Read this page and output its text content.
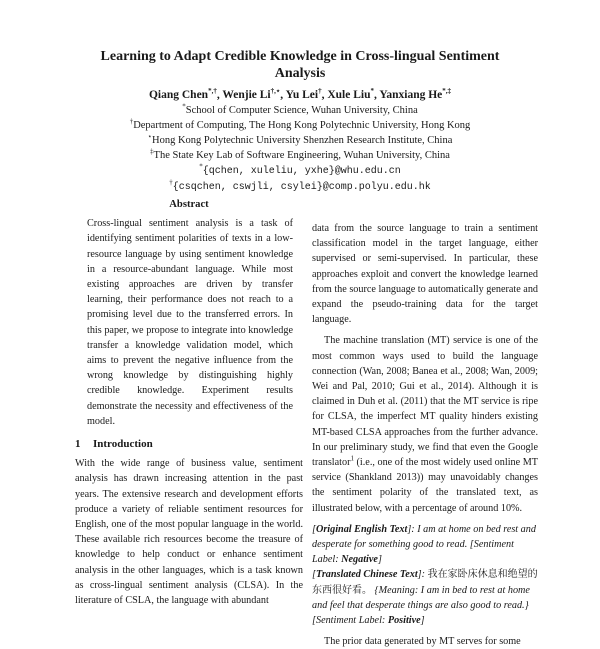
Learning to Adapt Credible Knowledge in Cross-lingual Sentiment
Analysis
Qiang Chen*,†, Wenjie Li†,⋆, Yu Lei†, Xule Liu*, Yanxiang He*,‡
*School of Computer Science, Wuhan University, China
†Department of Computing, The Hong Kong Polytechnic University, Hong Kong
⋆Hong Kong Polytechnic University Shenzhen Research Institute, China
‡The State Key Lab of Software Engineering, Wuhan University, China
*{qchen, xuleliu, yxhe}@whu.edu.cn
†{csqchen, cswjli, csylei}@comp.polyu.edu.hk
Abstract

Cross-lingual sentiment analysis is a task of identifying sentiment polarities of texts in a low-resource language by using sentiment knowledge in a resource-abundant language. While most existing approaches are driven by transfer learning, their performance does not reach to a promising level due to the transferred errors. In this paper, we propose to integrate into knowledge transfer a knowledge validation model, which aims to prevent the negative influence from the wrong knowledge by distinguishing highly credible knowledge. Experiment results demonstrate the necessity and effectiveness of the model.

1 Introduction

With the wide range of business value, sentiment analysis has drawn increasing attention in the past years. The extensive research and development efforts produce a variety of reliable sentiment resources for English, one of the most popular language in the world. These available rich resources become the treasure of knowledge to help conduct or enhance sentiment analysis in the other languages, which is a task known as cross-lingual sentiment analysis (CLSA). In the literature of CSLA, the language with abundant

data from the source language to train a sentiment classification model in the target language, either supervised or semi-supervised. In particular, these approaches exploit and convert the knowledge learned from the source language to automatically generate and expand the pseudo-training data for the target language.

The machine translation (MT) service is one of the most common ways used to build the language connection (Wan, 2008; Banea et al., 2008; Wan, 2009; Wei and Pal, 2010; Gui et al., 2014). Although it is claimed in Duh et al. (2011) that the MT service is ripe for CLSA, the imperfect MT quality hinders existing MT-based CLSA approaches from the further advance. In our preliminary study, we find that even the Google translator$^1$ (i.e., one of the most widely used online MT service (Shankland 2013)) may unavoidably changes the sentiment polarity of the translated text, as illustrated below, with a percentage of around 10%.

[Original English Text]: I am at home on bed rest and desperate for something good to read. [Sentiment Label: Negative]
[Translated Chinese Text]: 我在家卧床休息和绝望的东西很好看。 {Meaning: I am in bed to rest at home and feel that desperate things are also good to read.} [Sentiment Label: Positive]

The prior data generated by MT serves for some
